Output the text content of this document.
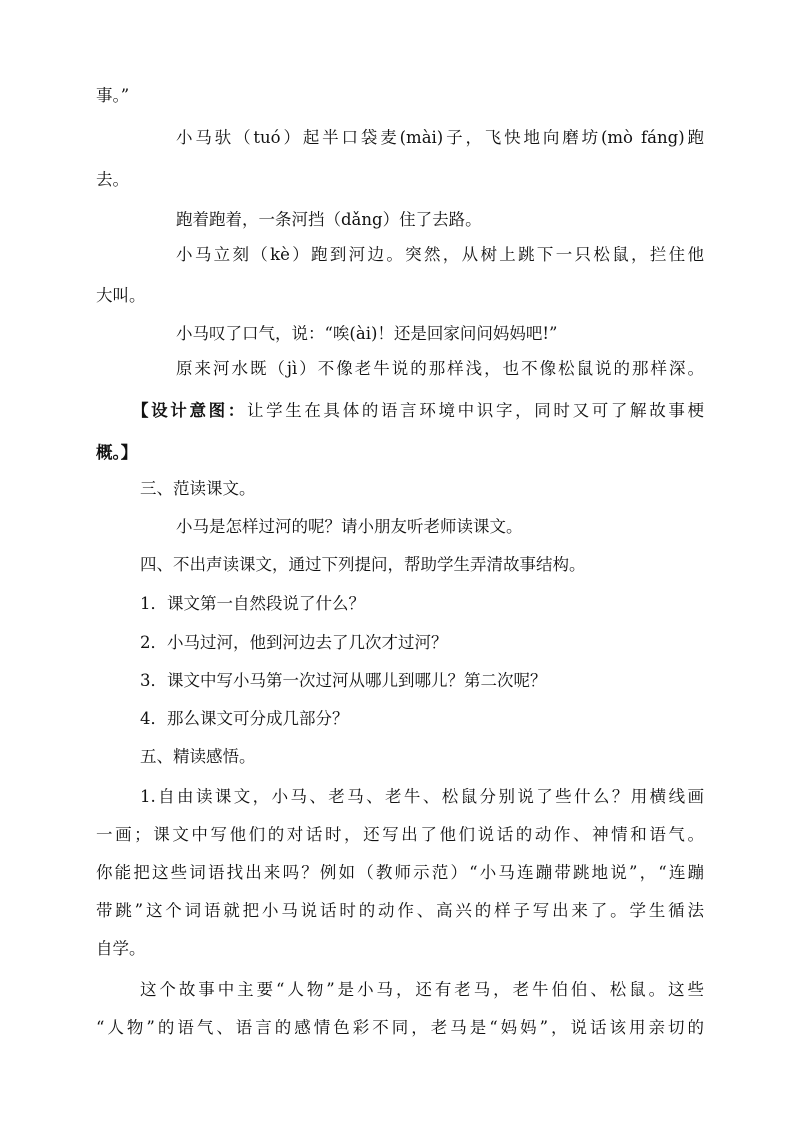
事。”

小马驮（tuó）起半口袋麦(mài)子，飞快地向磨坊(mò fáng)跑

去。

跑着跑着，一条河挡（dǎng）住了去路。

小马立刻（kè）跑到河边。突然，从树上跳下一只松鼠，拦住他

大叫。

小马叹了口气，说：“唉(ài)！还是回家问问妈妈吧!”

原来河水既（jì）不像老牛说的那样浅，也不像松鼠说的那样深。

【设计意图：让学生在具体的语言环境中识字，同时又可了解故事梗

概。】

三、范读课文。

小马是怎样过河的呢？请小朋友听老师读课文。

四、不出声读课文，通过下列提问，帮助学生弄清故事结构。

1．课文第一自然段说了什么？

2．小马过河，他到河边去了几次才过河？

3．课文中写小马第一次过河从哪儿到哪儿？第二次呢？

4．那么课文可分成几部分？

五、精读感悟。

1.自由读课文，小马、老马、老牛、松鼠分别说了些什么？用横线画

一画；课文中写他们的对话时，还写出了他们说话的动作、神情和语气。

你能把这些词语找出来吗？例如（教师示范）“小马连蹦带跳地说”，“连蹦

带跳”这个词语就把小马说话时的动作、高兴的样子写出来了。学生循法

自学。

这个故事中主要“人物”是小马，还有老马，老牛伯伯、松鼠。这些

“人物”的语气、语言的感情色彩不同，老马是“妈妈”，说话该用亲切的
